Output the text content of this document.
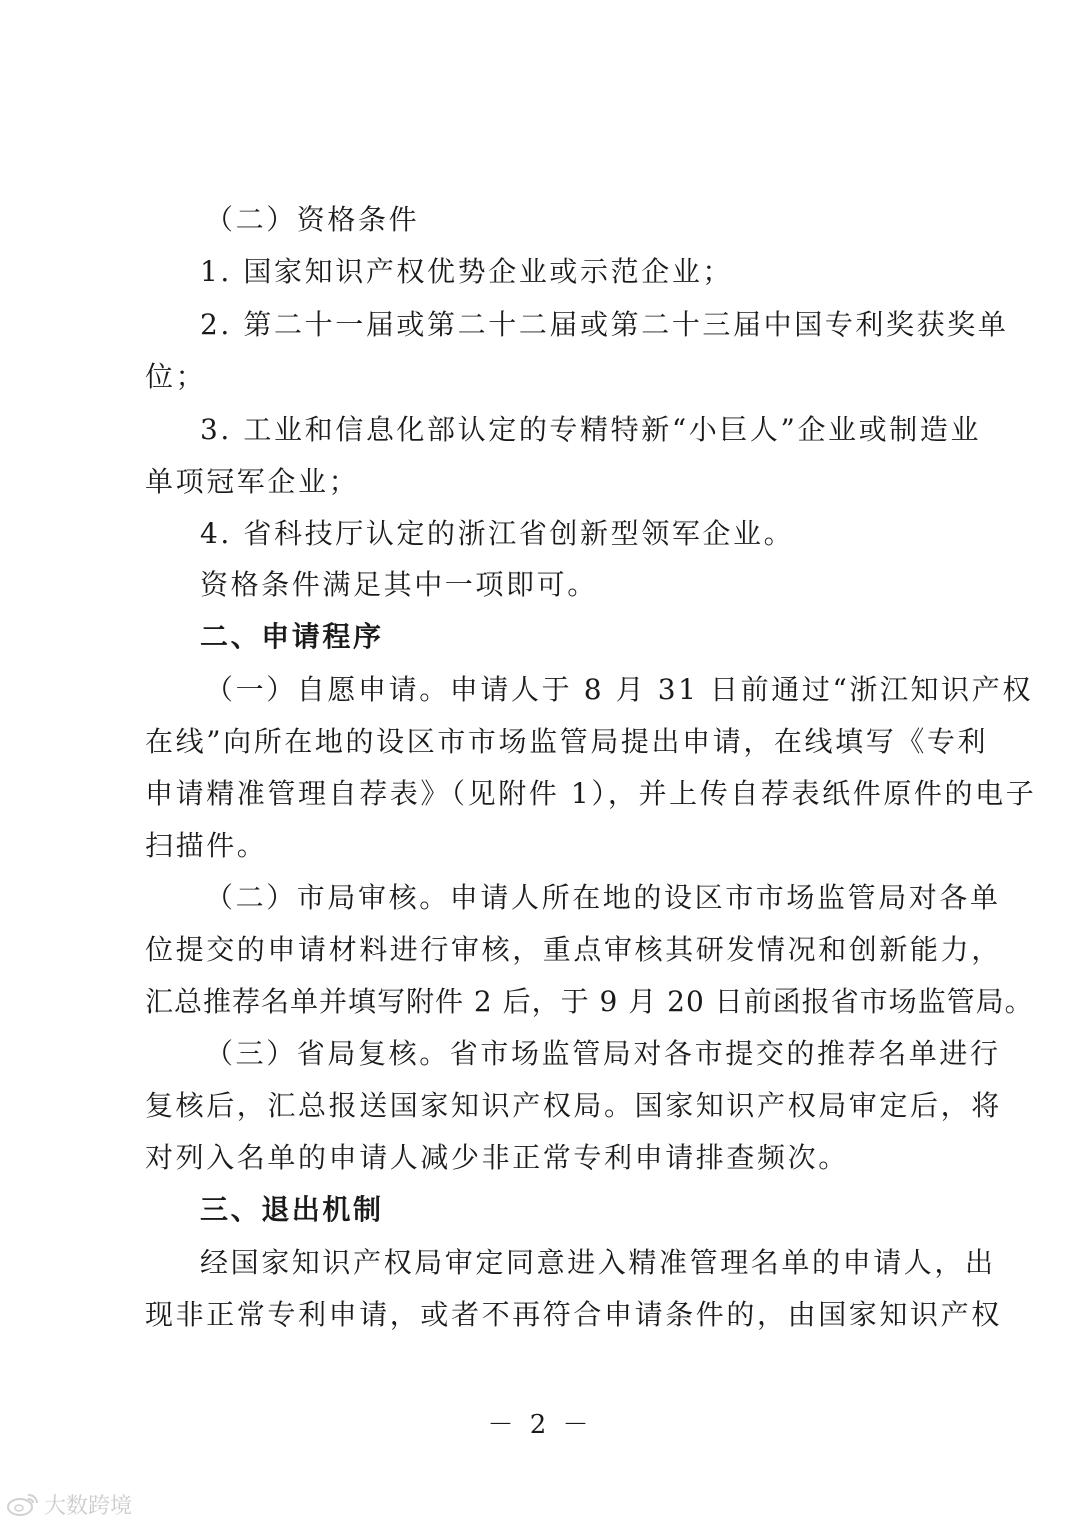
（二）资格条件
1. 国家知识产权优势企业或示范企业；
2. 第二十一届或第二十二届或第二十三届中国专利奖获奖单
位；
3. 工业和信息化部认定的专精特新“小巨人”企业或制造业
单项冠军企业；
4. 省科技厅认定的浙江省创新型领军企业。
资格条件满足其中一项即可。
二、申请程序
（一）自愿申请。申请人于 8 月 31 日前通过“浙江知识产权
在线”向所在地的设区市市场监管局提出申请，在线填写《专利
申请精准管理自荐表》（见附件 1），并上传自荐表纸件原件的电子
扫描件。
（二）市局审核。申请人所在地的设区市市场监管局对各单
位提交的申请材料进行审核，重点审核其研发情况和创新能力，
汇总推荐名单并填写附件 2 后，于 9 月 20 日前函报省市场监管局。
（三）省局复核。省市场监管局对各市提交的推荐名单进行
复核后，汇总报送国家知识产权局。国家知识产权局审定后，将
对列入名单的申请人减少非正常专利申请排查频次。
三、退出机制
经国家知识产权局审定同意进入精准管理名单的申请人，出
现非正常专利申请，或者不再符合申请条件的，由国家知识产权
－ 2 －
大数跨境
